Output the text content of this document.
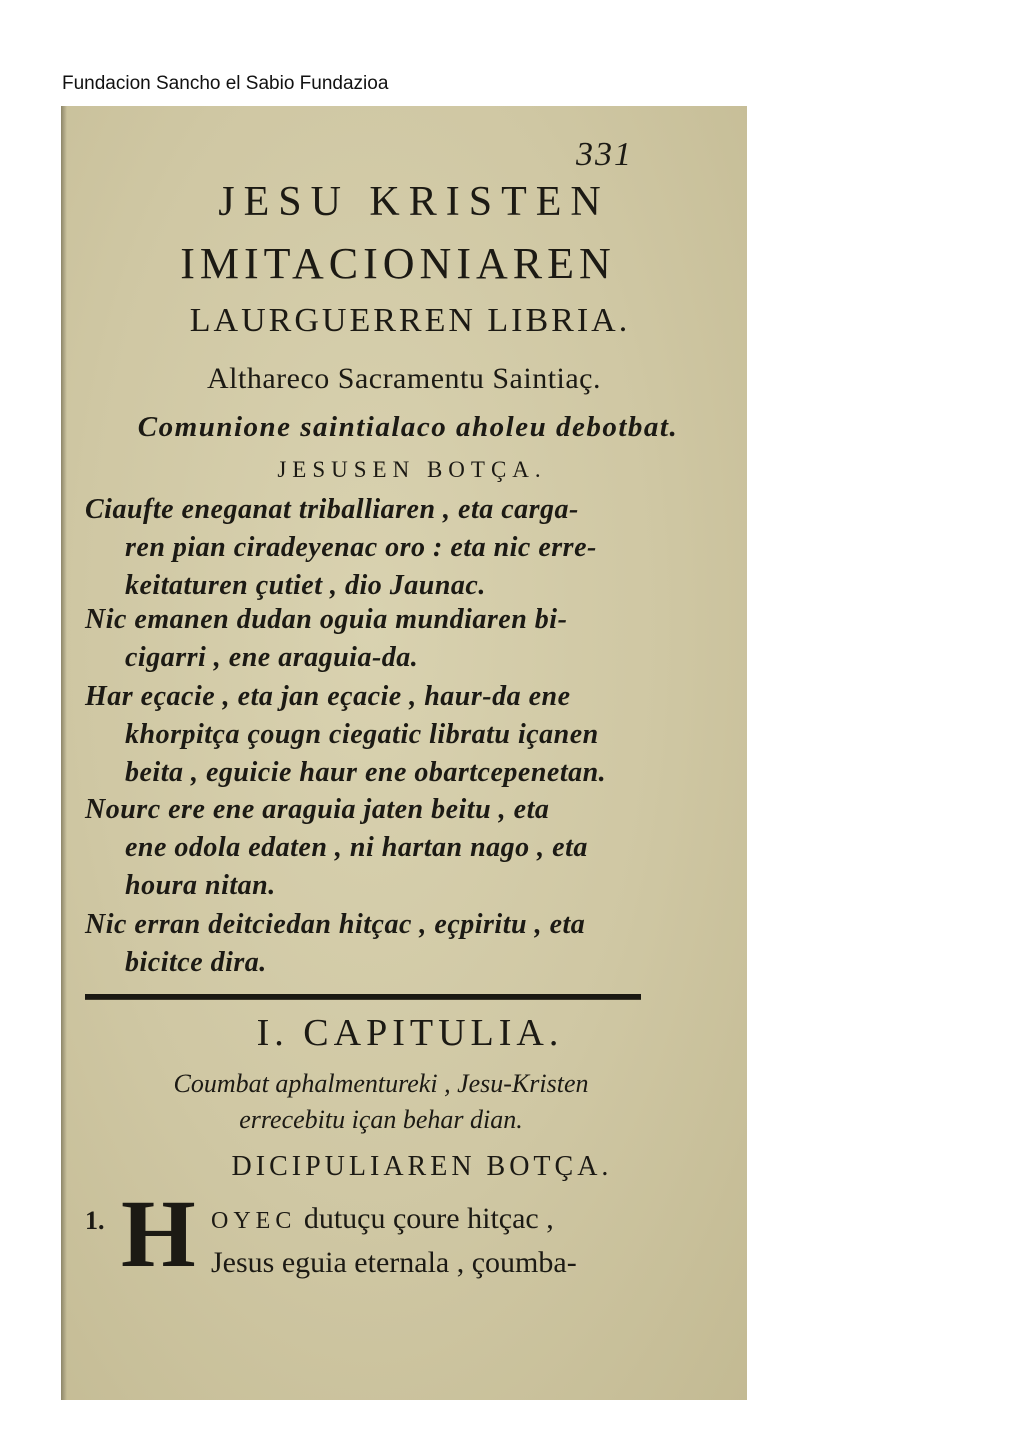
Fundacion Sancho el Sabio Fundazioa
331
JESU KRISTEN
IMITACIONIAREN
LAURGUERREN LIBRIA.
Althareco Sacramentu Saintiaç.
Comunione saintialaco aholeu debotbat.
JESUSEN BOTÇA.
Ciaufte eneganat triballiaren , eta carga-
ren pian ciradeyenac oro : eta nic erre-
keitaturen çutiet , dio Jaunac.
Nic emanen dudan oguia mundiaren bi-
cigarri , ene araguia-da.
Har eçacie , eta jan eçacie , haur-da ene
khorpitça çougn ciegatic libratu içanen
beita , eguicie haur ene obartcepenetan.
Nourc ere ene araguia jaten beitu , eta
ene odola edaten , ni hartan nago , eta
houra nitan.
Nic erran deitciedan hitçac , eçpiritu , eta
bicitce dira.
I. CAPITULIA.
Coumbat aphalmentureki , Jesu-Kristen
errecebitu içan behar dian.
DICIPULIAREN BOTÇA.
1. H OYEC dutuçu çoure hitçac ,
Jesus eguia eternala , çoumba-
